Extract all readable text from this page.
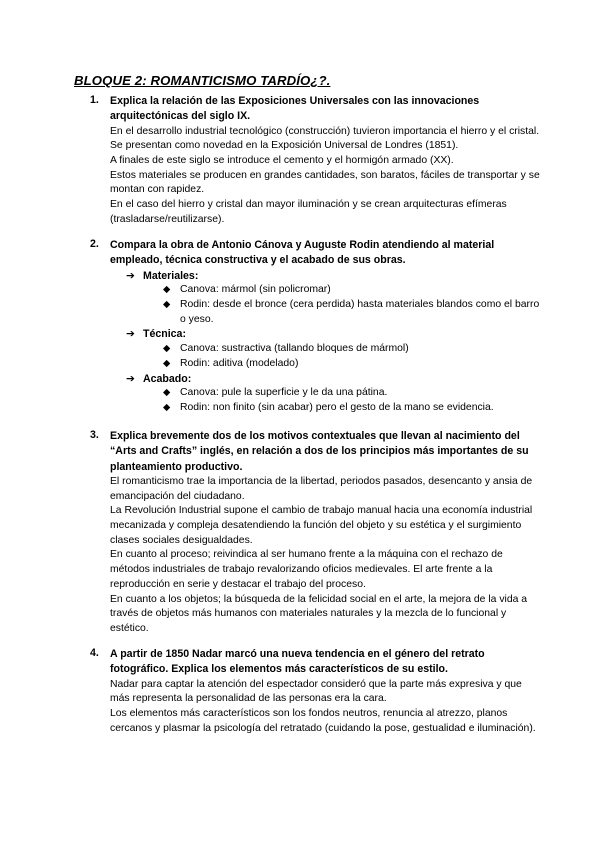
BLOQUE 2: ROMANTICISMO TARDÍO¿?.
1.	Explica la relación de las Exposiciones Universales con las innovaciones arquitectónicas del siglo IX.

En el desarrollo industrial tecnológico (construcción) tuvieron importancia el hierro y el cristal. Se presentan como novedad en la Exposición Universal de Londres (1851).

A finales de este siglo se introduce el cemento y el hormigón armado (XX).

Estos materiales se producen en grandes cantidades, son baratos, fáciles de transportar y se montan con rapidez.

En el caso del hierro y cristal dan mayor iluminación y se crean arquitecturas efímeras (trasladarse/reutilizarse).

2.	Compara la obra de Antonio Cánova y Auguste Rodin atendiendo al material empleado, técnica constructiva y el acabado de sus obras.
➔ Materiales:
◆ Canova: mármol (sin policromar)
◆ Rodin: desde el bronce (cera perdida) hasta materiales blandos como el barro o yeso.
➔ Técnica:
◆ Canova: sustractiva (tallando bloques de mármol)
◆ Rodin: aditiva (modelado)
➔ Acabado:
◆ Canova: pule la superficie y le da una pátina.
◆ Rodin: non finito (sin acabar) pero el gesto de la mano se evidencia.
3.	Explica brevemente dos de los motivos contextuales que llevan al nacimiento del “Arts and Crafts” inglés, en relación a dos de los principios más importantes de su planteamiento productivo.

El romanticismo trae la importancia de la libertad, periodos pasados, desencanto y ansia de emancipación del ciudadano.

La Revolución Industrial supone el cambio de trabajo manual hacia una economía industrial mecanizada y compleja desatendiendo la función del objeto y su estética y el surgimiento clases sociales desigualdades.

En cuanto al proceso; reivindica al ser humano frente a la máquina con el rechazo de métodos industriales de trabajo revalorizando oficios medievales. El arte frente a la reproducción en serie y destacar el trabajo del proceso.

En cuanto a los objetos; la búsqueda de la felicidad social en el arte, la mejora de la vida a través de objetos más humanos con materiales naturales y la mezcla de lo funcional y estético.

4.	A partir de 1850 Nadar marcó una nueva tendencia en el género del retrato fotográfico. Explica los elementos más característicos de su estilo.

Nadar para captar la atención del espectador consideró que la parte más expresiva y que más representa la personalidad de las personas era la cara.

Los elementos más característicos son los fondos neutros, renuncia al atrezzo, planos cercanos y plasmar la psicología del retratado (cuidando la pose, gestualidad e iluminación).
